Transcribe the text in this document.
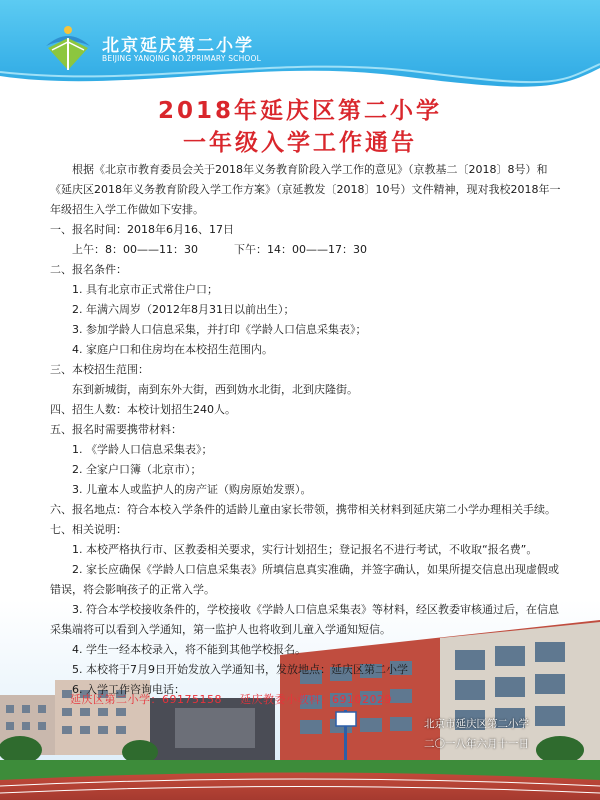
北京延庆第二小学
BEIJING YANQING NO.2PRIMARY SCHOOL
2018年延庆区第二小学
一年级入学工作通告

根据《北京市教育委员会关于2018年义务教育阶段入学工作的意见》（京教基二〔2018〕8号）和《延庆区2018年义务教育阶段入学工作方案》（京延教发〔2018〕10号）文件精神，现对我校2018年一年级招生入学工作做如下安排。

一、报名时间：2018年6月16、17日
上午：8：00——11：30	下午：14：00——17：30
二、报名条件：
1. 具有北京市正式常住户口；
2. 年满六周岁（2012年8月31日以前出生）；
3. 参加学龄人口信息采集，并打印《学龄人口信息采集表》；
4. 家庭户口和住房均在本校招生范围内。
三、本校招生范围：
东到新城街，南到东外大街，西到妫水北街，北到庆隆街。
四、招生人数：本校计划招生240人。
五、报名时需要携带材料：
1. 《学龄人口信息采集表》；
2. 全家户口簿（北京市）；
3. 儿童本人或监护人的房产证（购房原始发票）。

六、报名地点：符合本校入学条件的适龄儿童由家长带领，携带相关材料到延庆第二小学办理相关手续。

七、相关说明：

1. 本校严格执行市、区教委相关要求，实行计划招生；登记报名不进行考试，不收取“报名费”。

2. 家长应确保《学龄人口信息采集表》所填信息真实准确，并签字确认，如果所提交信息出现虚假或错误，将会影响孩子的正常入学。

3. 符合本学校接收条件的，学校接收《学龄人口信息采集表》等材料，经区教委审核通过后，在信息采集端将可以看到入学通知，第一监护人也将收到儿童入学通知短信。

4. 学生一经本校录入，将不能到其他学校报名。
5. 本校将于7月9日开始发放入学通知书，发放地点：延庆区第二小学
6. 入学工作咨询电话：
延庆区第二小学：69175158 延庆教委小教科：69102029
北京市延庆区第二小学
二〇一八年六月十一日
